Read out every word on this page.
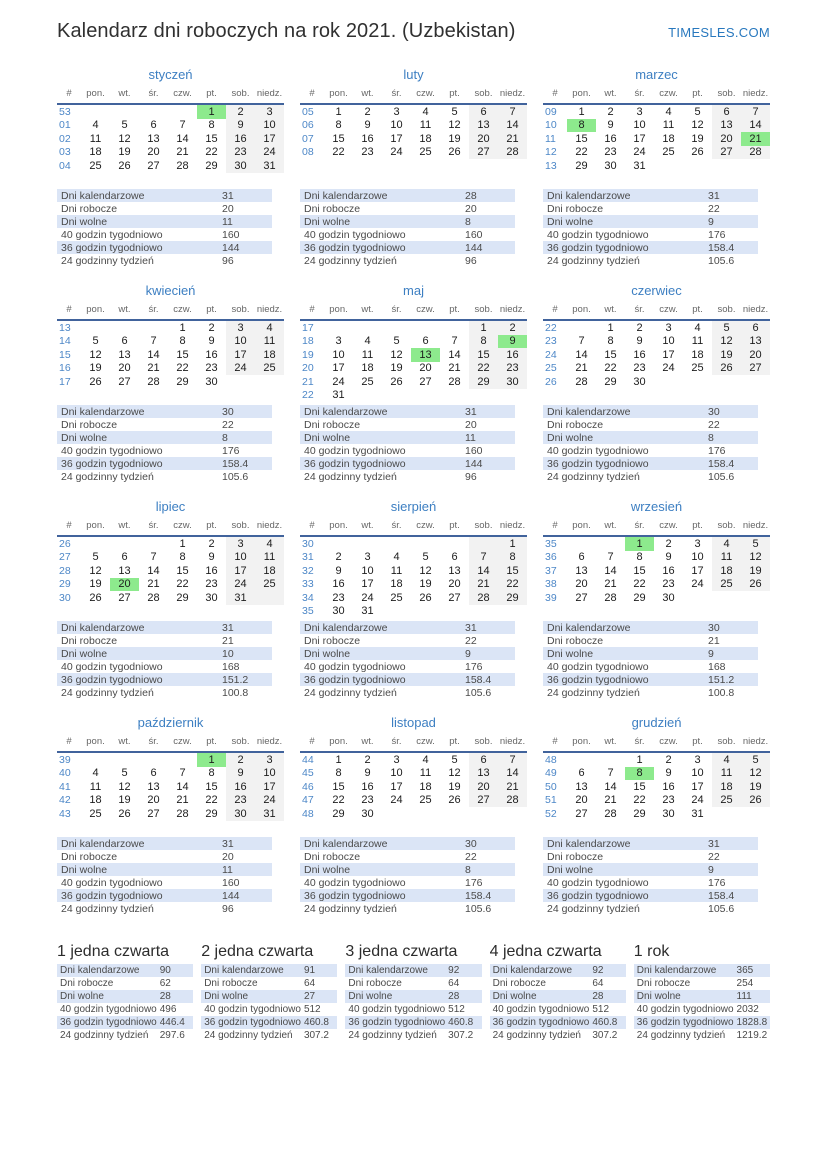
Kalendarz dni roboczych na rok 2021. (Uzbekistan)	TIMESLES.COM
styczeń
#	pon.	wt.	śr.	czw.	pt.	sob.	niedz.
53					1	2	3
01	4	5	6	7	8	9	10
02	11	12	13	14	15	16	17
03	18	19	20	21	22	23	24
04	25	26	27	28	29	30	31
Dni kalendarzowe	31
Dni robocze	20
Dni wolne	11
40 godzin tygodniowo	160
36 godzin tygodniowo	144
24 godzinny tydzień	96
luty
#	pon.	wt.	śr.	czw.	pt.	sob.	niedz.
05	1	2	3	4	5	6	7
06	8	9	10	11	12	13	14
07	15	16	17	18	19	20	21
08	22	23	24	25	26	27	28
Dni kalendarzowe	28
Dni robocze	20
Dni wolne	8
40 godzin tygodniowo	160
36 godzin tygodniowo	144
24 godzinny tydzień	96
marzec
#	pon.	wt.	śr.	czw.	pt.	sob.	niedz.
09	1	2	3	4	5	6	7
10	8	9	10	11	12	13	14
11	15	16	17	18	19	20	21
12	22	23	24	25	26	27	28
13	29	30	31				
Dni kalendarzowe	31
Dni robocze	22
Dni wolne	9
40 godzin tygodniowo	176
36 godzin tygodniowo	158.4
24 godzinny tydzień	105.6
kwiecień
#	pon.	wt.	śr.	czw.	pt.	sob.	niedz.
13				1	2	3	4
14	5	6	7	8	9	10	11
15	12	13	14	15	16	17	18
16	19	20	21	22	23	24	25
17	26	27	28	29	30		
Dni kalendarzowe	30
Dni robocze	22
Dni wolne	8
40 godzin tygodniowo	176
36 godzin tygodniowo	158.4
24 godzinny tydzień	105.6
maj
#	pon.	wt.	śr.	czw.	pt.	sob.	niedz.
17						1	2
18	3	4	5	6	7	8	9
19	10	11	12	13	14	15	16
20	17	18	19	20	21	22	23
21	24	25	26	27	28	29	30
22	31						
Dni kalendarzowe	31
Dni robocze	20
Dni wolne	11
40 godzin tygodniowo	160
36 godzin tygodniowo	144
24 godzinny tydzień	96
czerwiec
#	pon.	wt.	śr.	czw.	pt.	sob.	niedz.
22		1	2	3	4	5	6
23	7	8	9	10	11	12	13
24	14	15	16	17	18	19	20
25	21	22	23	24	25	26	27
26	28	29	30				
Dni kalendarzowe	30
Dni robocze	22
Dni wolne	8
40 godzin tygodniowo	176
36 godzin tygodniowo	158.4
24 godzinny tydzień	105.6
lipiec
#	pon.	wt.	śr.	czw.	pt.	sob.	niedz.
26				1	2	3	4
27	5	6	7	8	9	10	11
28	12	13	14	15	16	17	18
29	19	20	21	22	23	24	25
30	26	27	28	29	30	31	
Dni kalendarzowe	31
Dni robocze	21
Dni wolne	10
40 godzin tygodniowo	168
36 godzin tygodniowo	151.2
24 godzinny tydzień	100.8
sierpień
#	pon.	wt.	śr.	czw.	pt.	sob.	niedz.
30							1
31	2	3	4	5	6	7	8
32	9	10	11	12	13	14	15
33	16	17	18	19	20	21	22
34	23	24	25	26	27	28	29
35	30	31					
Dni kalendarzowe	31
Dni robocze	22
Dni wolne	9
40 godzin tygodniowo	176
36 godzin tygodniowo	158.4
24 godzinny tydzień	105.6
wrzesień
#	pon.	wt.	śr.	czw.	pt.	sob.	niedz.
35			1	2	3	4	5
36	6	7	8	9	10	11	12
37	13	14	15	16	17	18	19
38	20	21	22	23	24	25	26
39	27	28	29	30			
Dni kalendarzowe	30
Dni robocze	21
Dni wolne	9
40 godzin tygodniowo	168
36 godzin tygodniowo	151.2
24 godzinny tydzień	100.8
październik
#	pon.	wt.	śr.	czw.	pt.	sob.	niedz.
39					1	2	3
40	4	5	6	7	8	9	10
41	11	12	13	14	15	16	17
42	18	19	20	21	22	23	24
43	25	26	27	28	29	30	31
Dni kalendarzowe	31
Dni robocze	20
Dni wolne	11
40 godzin tygodniowo	160
36 godzin tygodniowo	144
24 godzinny tydzień	96
listopad
#	pon.	wt.	śr.	czw.	pt.	sob.	niedz.
44	1	2	3	4	5	6	7
45	8	9	10	11	12	13	14
46	15	16	17	18	19	20	21
47	22	23	24	25	26	27	28
48	29	30					
Dni kalendarzowe	30
Dni robocze	22
Dni wolne	8
40 godzin tygodniowo	176
36 godzin tygodniowo	158.4
24 godzinny tydzień	105.6
grudzień
#	pon.	wt.	śr.	czw.	pt.	sob.	niedz.
48			1	2	3	4	5
49	6	7	8	9	10	11	12
50	13	14	15	16	17	18	19
51	20	21	22	23	24	25	26
52	27	28	29	30	31		
Dni kalendarzowe	31
Dni robocze	22
Dni wolne	9
40 godzin tygodniowo	176
36 godzin tygodniowo	158.4
24 godzinny tydzień	105.6
1 jedna czwarta
Dni kalendarzowe	90
Dni robocze	62
Dni wolne	28
40 godzin tygodniowo	496
36 godzin tygodniowo	446.4
24 godzinny tydzień	297.6
2 jedna czwarta
Dni kalendarzowe	91
Dni robocze	64
Dni wolne	27
40 godzin tygodniowo	512
36 godzin tygodniowo	460.8
24 godzinny tydzień	307.2
3 jedna czwarta
Dni kalendarzowe	92
Dni robocze	64
Dni wolne	28
40 godzin tygodniowo	512
36 godzin tygodniowo	460.8
24 godzinny tydzień	307.2
4 jedna czwarta
Dni kalendarzowe	92
Dni robocze	64
Dni wolne	28
40 godzin tygodniowo	512
36 godzin tygodniowo	460.8
24 godzinny tydzień	307.2
1 rok
Dni kalendarzowe	365
Dni robocze	254
Dni wolne	111
40 godzin tygodniowo	2032
36 godzin tygodniowo	1828.8
24 godzinny tydzień	1219.2
